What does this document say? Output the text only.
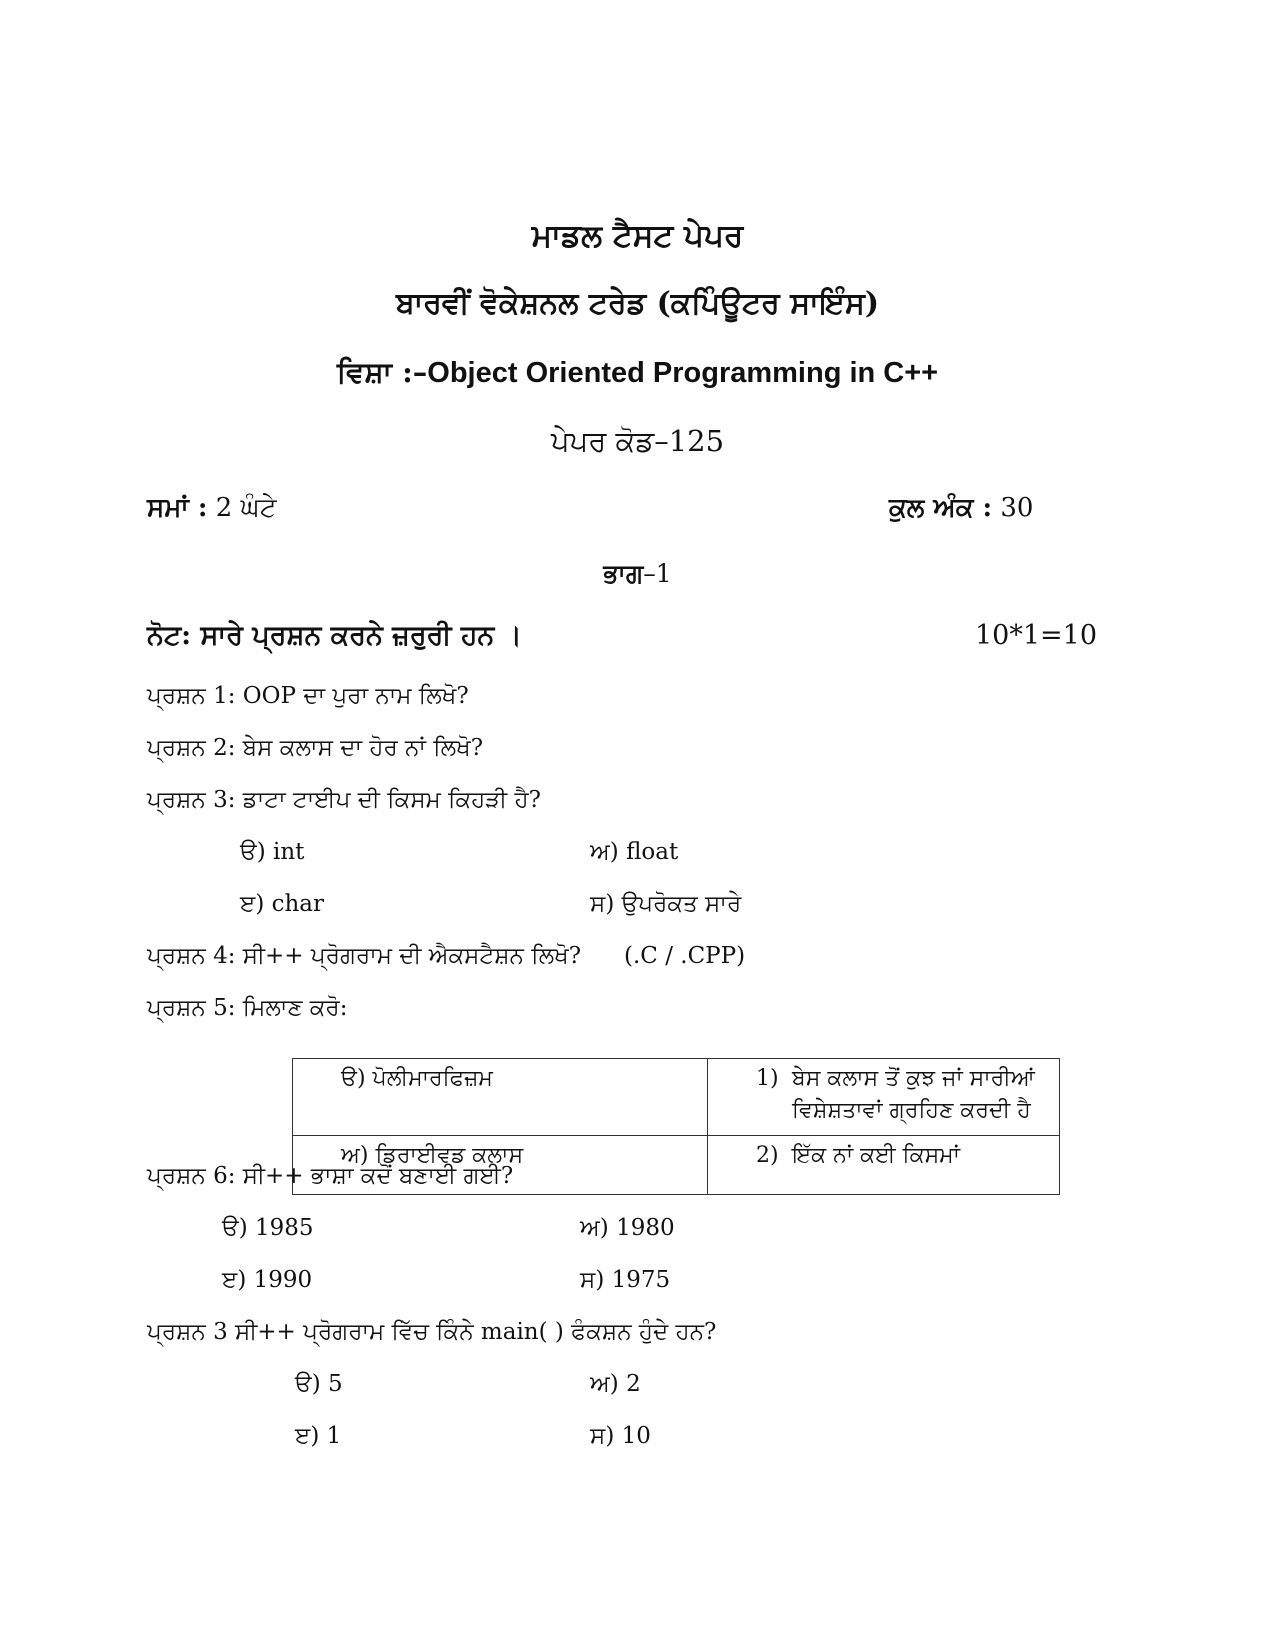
ਮਾਡਲ ਟੈਸਟ ਪੇਪਰ
ਬਾਰਵੀਂ ਵੋਕੇਸ਼ਨਲ ਟਰੇਡ (ਕਪਿੰਊਟਰ ਸਾਇੰਸ)
ਵਿਸ਼ਾ :–Object Oriented Programming in C++
ਪੇਪਰ ਕੋਡ–125
ਸਮਾਂ : 2 ਘੰਟੇ	ਕੁਲ ਅੰਕ : 30
ਭਾਗ–1
ਨੋਟ: ਸਾਰੇ ਪ੍ਰਸ਼ਨ ਕਰਨੇ ਜ਼ਰੁਰੀ ਹਨ ।	10*1=10
ਪ੍ਰਸ਼ਨ 1: OOP ਦਾ ਪੁਰਾ ਨਾਮ ਲਿਖੋ?
ਪ੍ਰਸ਼ਨ 2: ਬੇਸ ਕਲਾਸ ਦਾ ਹੋਰ ਨਾਂ ਲਿਖੋ?
ਪ੍ਰਸ਼ਨ 3: ਡਾਟਾ ਟਾਈਪ ਦੀ ਕਿਸਮ ਕਿਹੜੀ ਹੈ?
ੳ) int	ਅ) float
ੲ) char	ਸ) ਉਪਰੋਕਤ ਸਾਰੇ
ਪ੍ਰਸ਼ਨ 4: ਸੀ++ ਪ੍ਰੋਗਰਾਮ ਦੀ ਐਕਸਟੈਸ਼ਨ ਲਿਖੋ? (.C / .CPP)
ਪ੍ਰਸ਼ਨ 5: ਮਿਲਾਣ ਕਰੋ:
ੳ) ਪੋਲੀਮਾਰਫਿਜ਼ਮ	1) ਬੇਸ ਕਲਾਸ ਤੋਂ ਕੁਝ ਜਾਂ ਸਾਰੀਆਂ
ਵਿਸ਼ੇਸ਼ਤਾਵਾਂ ਗ੍ਰਹਿਣ ਕਰਦੀ ਹੈ
ਅ) ਡਿਰਾਈਵਡ ਕਲਾਸ	2) ਇੱਕ ਨਾਂ ਕਈ ਕਿਸਮਾਂ
ਪ੍ਰਸ਼ਨ 6: ਸੀ++ ਭਾਸ਼ਾ ਕਦੋਂ ਬਣਾਈ ਗਈ?
ੳ) 1985	ਅ) 1980
ੲ) 1990	ਸ) 1975
ਪ੍ਰਸ਼ਨ 3 ਸੀ++ ਪ੍ਰੋਗਰਾਮ ਵਿੱਚ ਕਿੰਨੇ main( ) ਫੰਕਸ਼ਨ ਹੁੰਦੇ ਹਨ?
ੳ) 5	ਅ) 2
ੲ) 1	ਸ) 10
